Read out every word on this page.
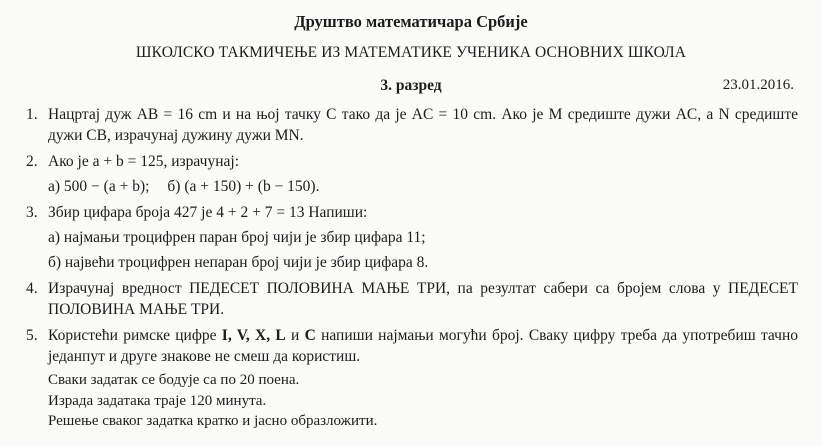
Друштво математичара Србије
ШКОЛСКО ТАКМИЧЕЊЕ ИЗ МАТЕМАТИКЕ УЧЕНИКА ОСНОВНИХ ШКОЛА
3. разред	23.01.2016.
1. Нацртај дуж AB = 16 cm и на њој тачку C тако да је AC = 10 cm. Ако је M средиште дужи AC, а N средиште дужи CB, израчунај дужину дужи MN.
2. Ако је a + b = 125, израчунај:
а) 500 − (a + b); б) (a + 150) + (b − 150).
3. Збир цифара броја 427 је 4 + 2 + 7 = 13 Напиши:
а) најмањи троцифрен паран број чији је збир цифара 11;
б) највећи троцифрен непаран број чији је збир цифара 8.
4. Израчунај вредност ПЕДЕСЕТ ПОЛОВИНА МАЊЕ ТРИ, па резултат сабери са бројем слова у ПЕДЕСЕТ ПОЛОВИНА МАЊЕ ТРИ.
5. Користећи римске цифре I, V, X, L и C напиши најмањи могући број. Сваку цифру треба да употребиш тачно једанпут и друге знакове не смеш да користиш.
Сваки задатак се бодује са по 20 поена.
Израда задатака траје 120 минута.
Решење сваког задатка кратко и јасно образложити.
